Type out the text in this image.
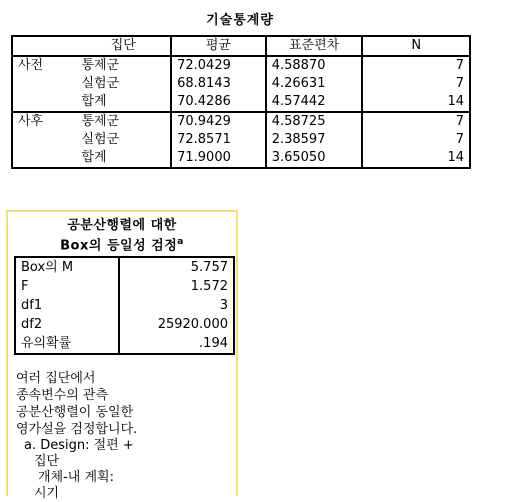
기술통계량
	집단	평균	표준편차	N
사전	통제군	72.0429	4.58870	7
	실험군	68.8143	4.26631	7
	합계	70.4286	4.57442	14
사후	통제군	70.9429	4.58725	7
	실험군	72.8571	2.38597	7
	합계	71.9000	3.65050	14
공분산행렬에 대한
Box의 등일성 검정$^a$
Box의 M	5.757
F	1.572
df1	3
df2	25920.000
유의확률	.194
여러 집단에서
종속변수의 관측
공분산행렬이 동일한
영가설을 검정합니다.
a. Design: 절편 +
집단
개체-내 계획:
시기
